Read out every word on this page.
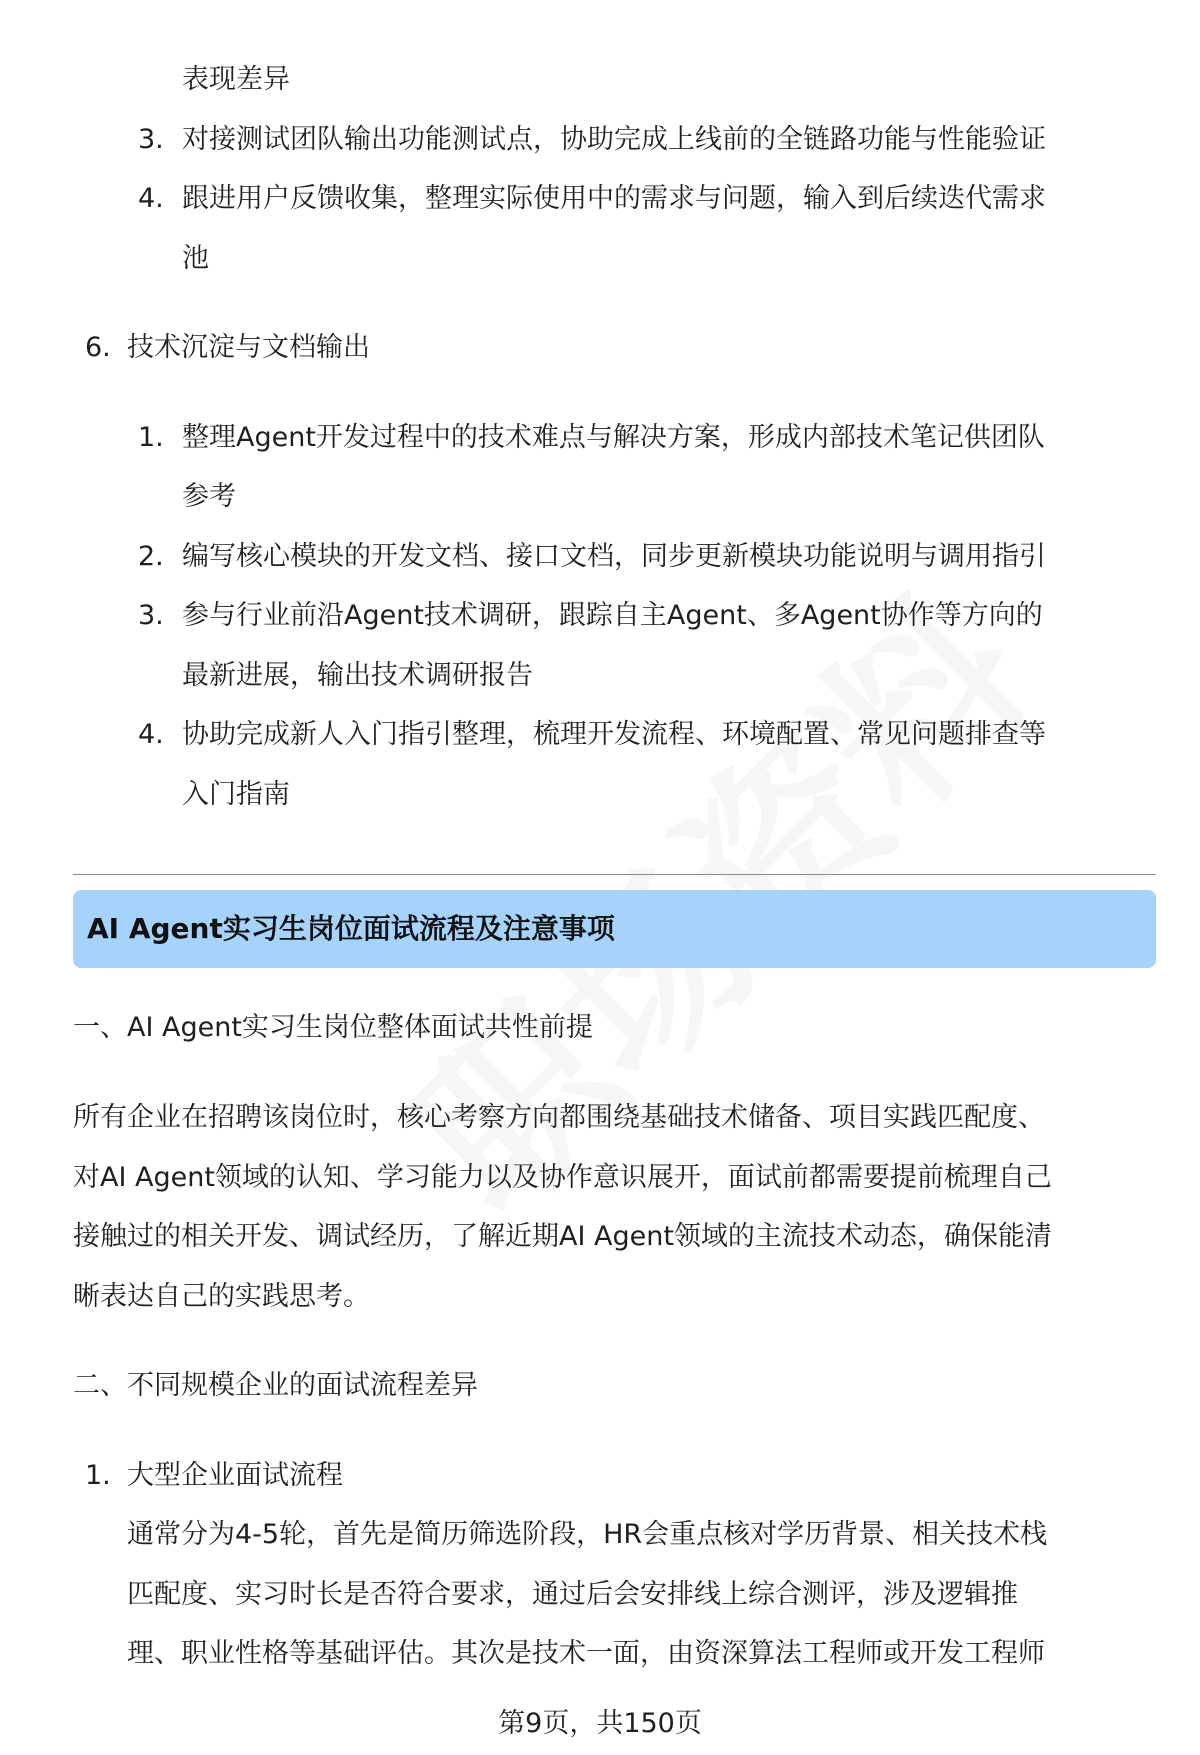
表现差异
3. 对接测试团队输出功能测试点，协助完成上线前的全链路功能与性能验证
4. 跟进用户反馈收集，整理实际使用中的需求与问题，输入到后续迭代需求
池
6. 技术沉淀与文档输出
1. 整理Agent开发过程中的技术难点与解决方案，形成内部技术笔记供团队
参考
2. 编写核心模块的开发文档、接口文档，同步更新模块功能说明与调用指引
3. 参与行业前沿Agent技术调研，跟踪自主Agent、多Agent协作等方向的
最新进展，输出技术调研报告
4. 协助完成新人入门指引整理，梳理开发流程、环境配置、常见问题排查等
入门指南
AI Agent实习生岗位面试流程及注意事项
一、AI Agent实习生岗位整体面试共性前提
所有企业在招聘该岗位时，核心考察方向都围绕基础技术储备、项目实践匹配度、
对AI Agent领域的认知、学习能力以及协作意识展开，面试前都需要提前梳理自己
接触过的相关开发、调试经历，了解近期AI Agent领域的主流技术动态，确保能清
晰表达自己的实践思考。
二、不同规模企业的面试流程差异
1. 大型企业面试流程
通常分为4-5轮，首先是简历筛选阶段，HR会重点核对学历背景、相关技术栈
匹配度、实习时长是否符合要求，通过后会安排线上综合测评，涉及逻辑推
理、职业性格等基础评估。其次是技术一面，由资深算法工程师或开发工程师
第9页，共150页
